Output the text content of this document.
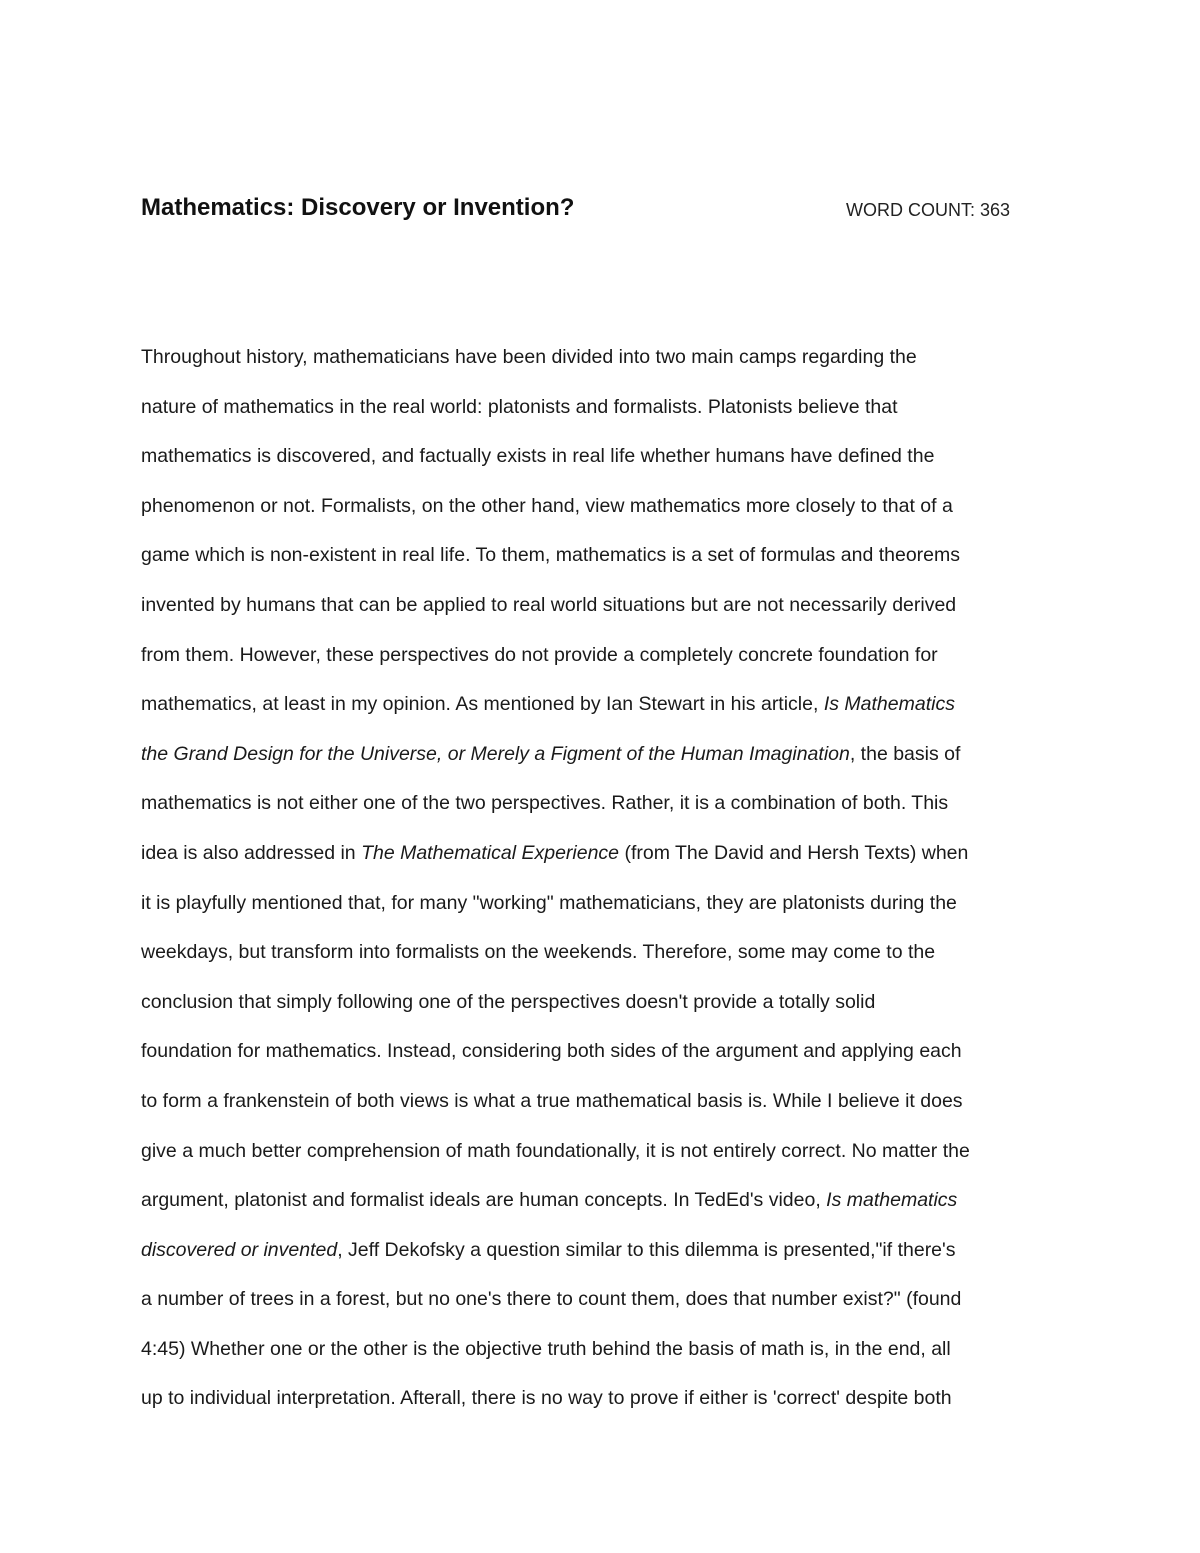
Mathematics: Discovery or Invention?	WORD COUNT: 363
Throughout history, mathematicians have been divided into two main camps regarding the
nature of mathematics in the real world: platonists and formalists. Platonists believe that
mathematics is discovered, and factually exists in real life whether humans have defined the
phenomenon or not. Formalists, on the other hand, view mathematics more closely to that of a
game which is non-existent in real life. To them, mathematics is a set of formulas and theorems
invented by humans that can be applied to real world situations but are not necessarily derived
from them. However, these perspectives do not provide a completely concrete foundation for
mathematics, at least in my opinion. As mentioned by Ian Stewart in his article, Is Mathematics
the Grand Design for the Universe, or Merely a Figment of the Human Imagination, the basis of
mathematics is not either one of the two perspectives. Rather, it is a combination of both. This
idea is also addressed in The Mathematical Experience (from The David and Hersh Texts) when
it is playfully mentioned that, for many "working" mathematicians, they are platonists during the
weekdays, but transform into formalists on the weekends. Therefore, some may come to the
conclusion that simply following one of the perspectives doesn't provide a totally solid
foundation for mathematics. Instead, considering both sides of the argument and applying each
to form a frankenstein of both views is what a true mathematical basis is. While I believe it does
give a much better comprehension of math foundationally, it is not entirely correct. No matter the
argument, platonist and formalist ideals are human concepts. In TedEd's video, Is mathematics
discovered or invented, Jeff Dekofsky a question similar to this dilemma is presented,"if there's
a number of trees in a forest, but no one's there to count them, does that number exist?" (found
4:45) Whether one or the other is the objective truth behind the basis of math is, in the end, all
up to individual interpretation. Afterall, there is no way to prove if either is 'correct' despite both
